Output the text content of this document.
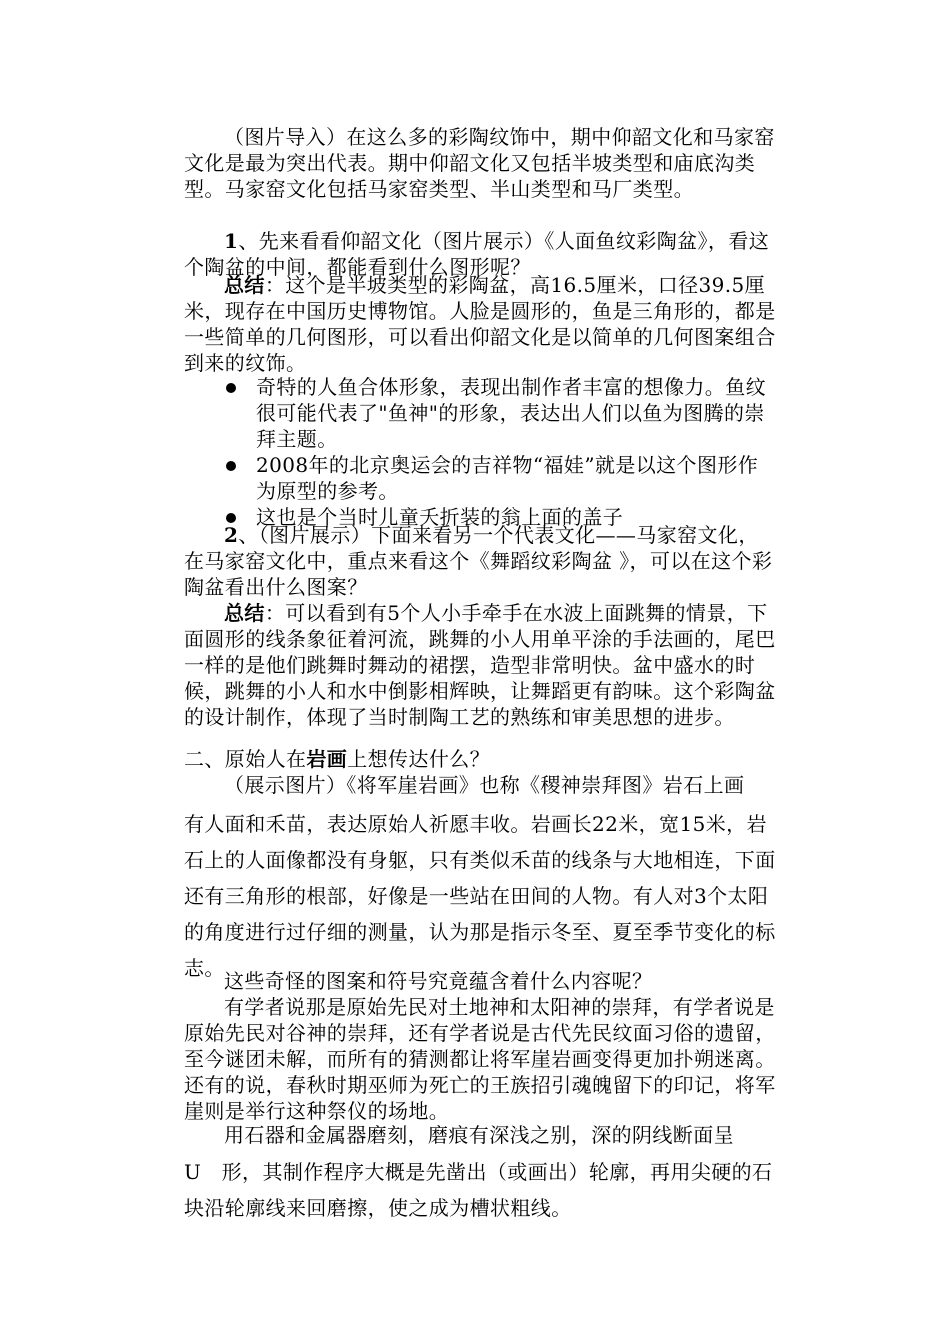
（图片导入）在这么多的彩陶纹饰中，期中仰韶文化和马家窑文化是最为突出代表。期中仰韶文化又包括半坡类型和庙底沟类型。马家窑文化包括马家窑类型、半山类型和马厂类型。

1、先来看看仰韶文化（图片展示）《人面鱼纹彩陶盆》，看这个陶盆的中间，都能看到什么图形呢？

总结：这个是半坡类型的彩陶盆，高16.5厘米，口径39.5厘米，现存在中国历史博物馆。人脸是圆形的，鱼是三角形的，都是一些简单的几何图形，可以看出仰韶文化是以简单的几何图案组合到来的纹饰。

奇特的人鱼合体形象，表现出制作者丰富的想像力。鱼纹很可能代表了"鱼神"的形象，表达出人们以鱼为图腾的崇拜主题。
2008年的北京奥运会的吉祥物“福娃”就是以这个图形作为原型的参考。
这也是个当时儿童夭折装的翁上面的盖子

2、（图片展示）下面来看另一个代表文化——马家窑文化，在马家窑文化中，重点来看这个《舞蹈纹彩陶盆 》，可以在这个彩陶盆看出什么图案？

总结：可以看到有5个人小手牵手在水波上面跳舞的情景，下面圆形的线条象征着河流，跳舞的小人用单平涂的手法画的，尾巴一样的是他们跳舞时舞动的裙摆，造型非常明快。盆中盛水的时候，跳舞的小人和水中倒影相辉映，让舞蹈更有韵味。这个彩陶盆的设计制作，体现了当时制陶工艺的熟练和审美思想的进步。

二、原始人在岩画上想传达什么？

（展示图片）《将军崖岩画》也称《稷神崇拜图》岩石上画

有人面和禾苗，表达原始人祈愿丰收。岩画长22米，宽15米，岩石上的人面像都没有身躯，只有类似禾苗的线条与大地相连，下面还有三角形的根部，好像是一些站在田间的人物。有人对3个太阳的角度进行过仔细的测量，认为那是指示冬至、夏至季节变化的标志。

这些奇怪的图案和符号究竟蕴含着什么内容呢？

有学者说那是原始先民对土地神和太阳神的崇拜，有学者说是原始先民对谷神的崇拜，还有学者说是古代先民纹面习俗的遗留，至今谜团未解，而所有的猜测都让将军崖岩画变得更加扑朔迷离。还有的说，春秋时期巫师为死亡的王族招引魂魄留下的印记，将军崖则是举行这种祭仪的场地。

用石器和金属器磨刻，磨痕有深浅之别，深的阴线断面呈

U　形，其制作程序大概是先凿出（或画出）轮廓，再用尖硬的石块沿轮廓线来回磨擦，使之成为槽状粗线。
